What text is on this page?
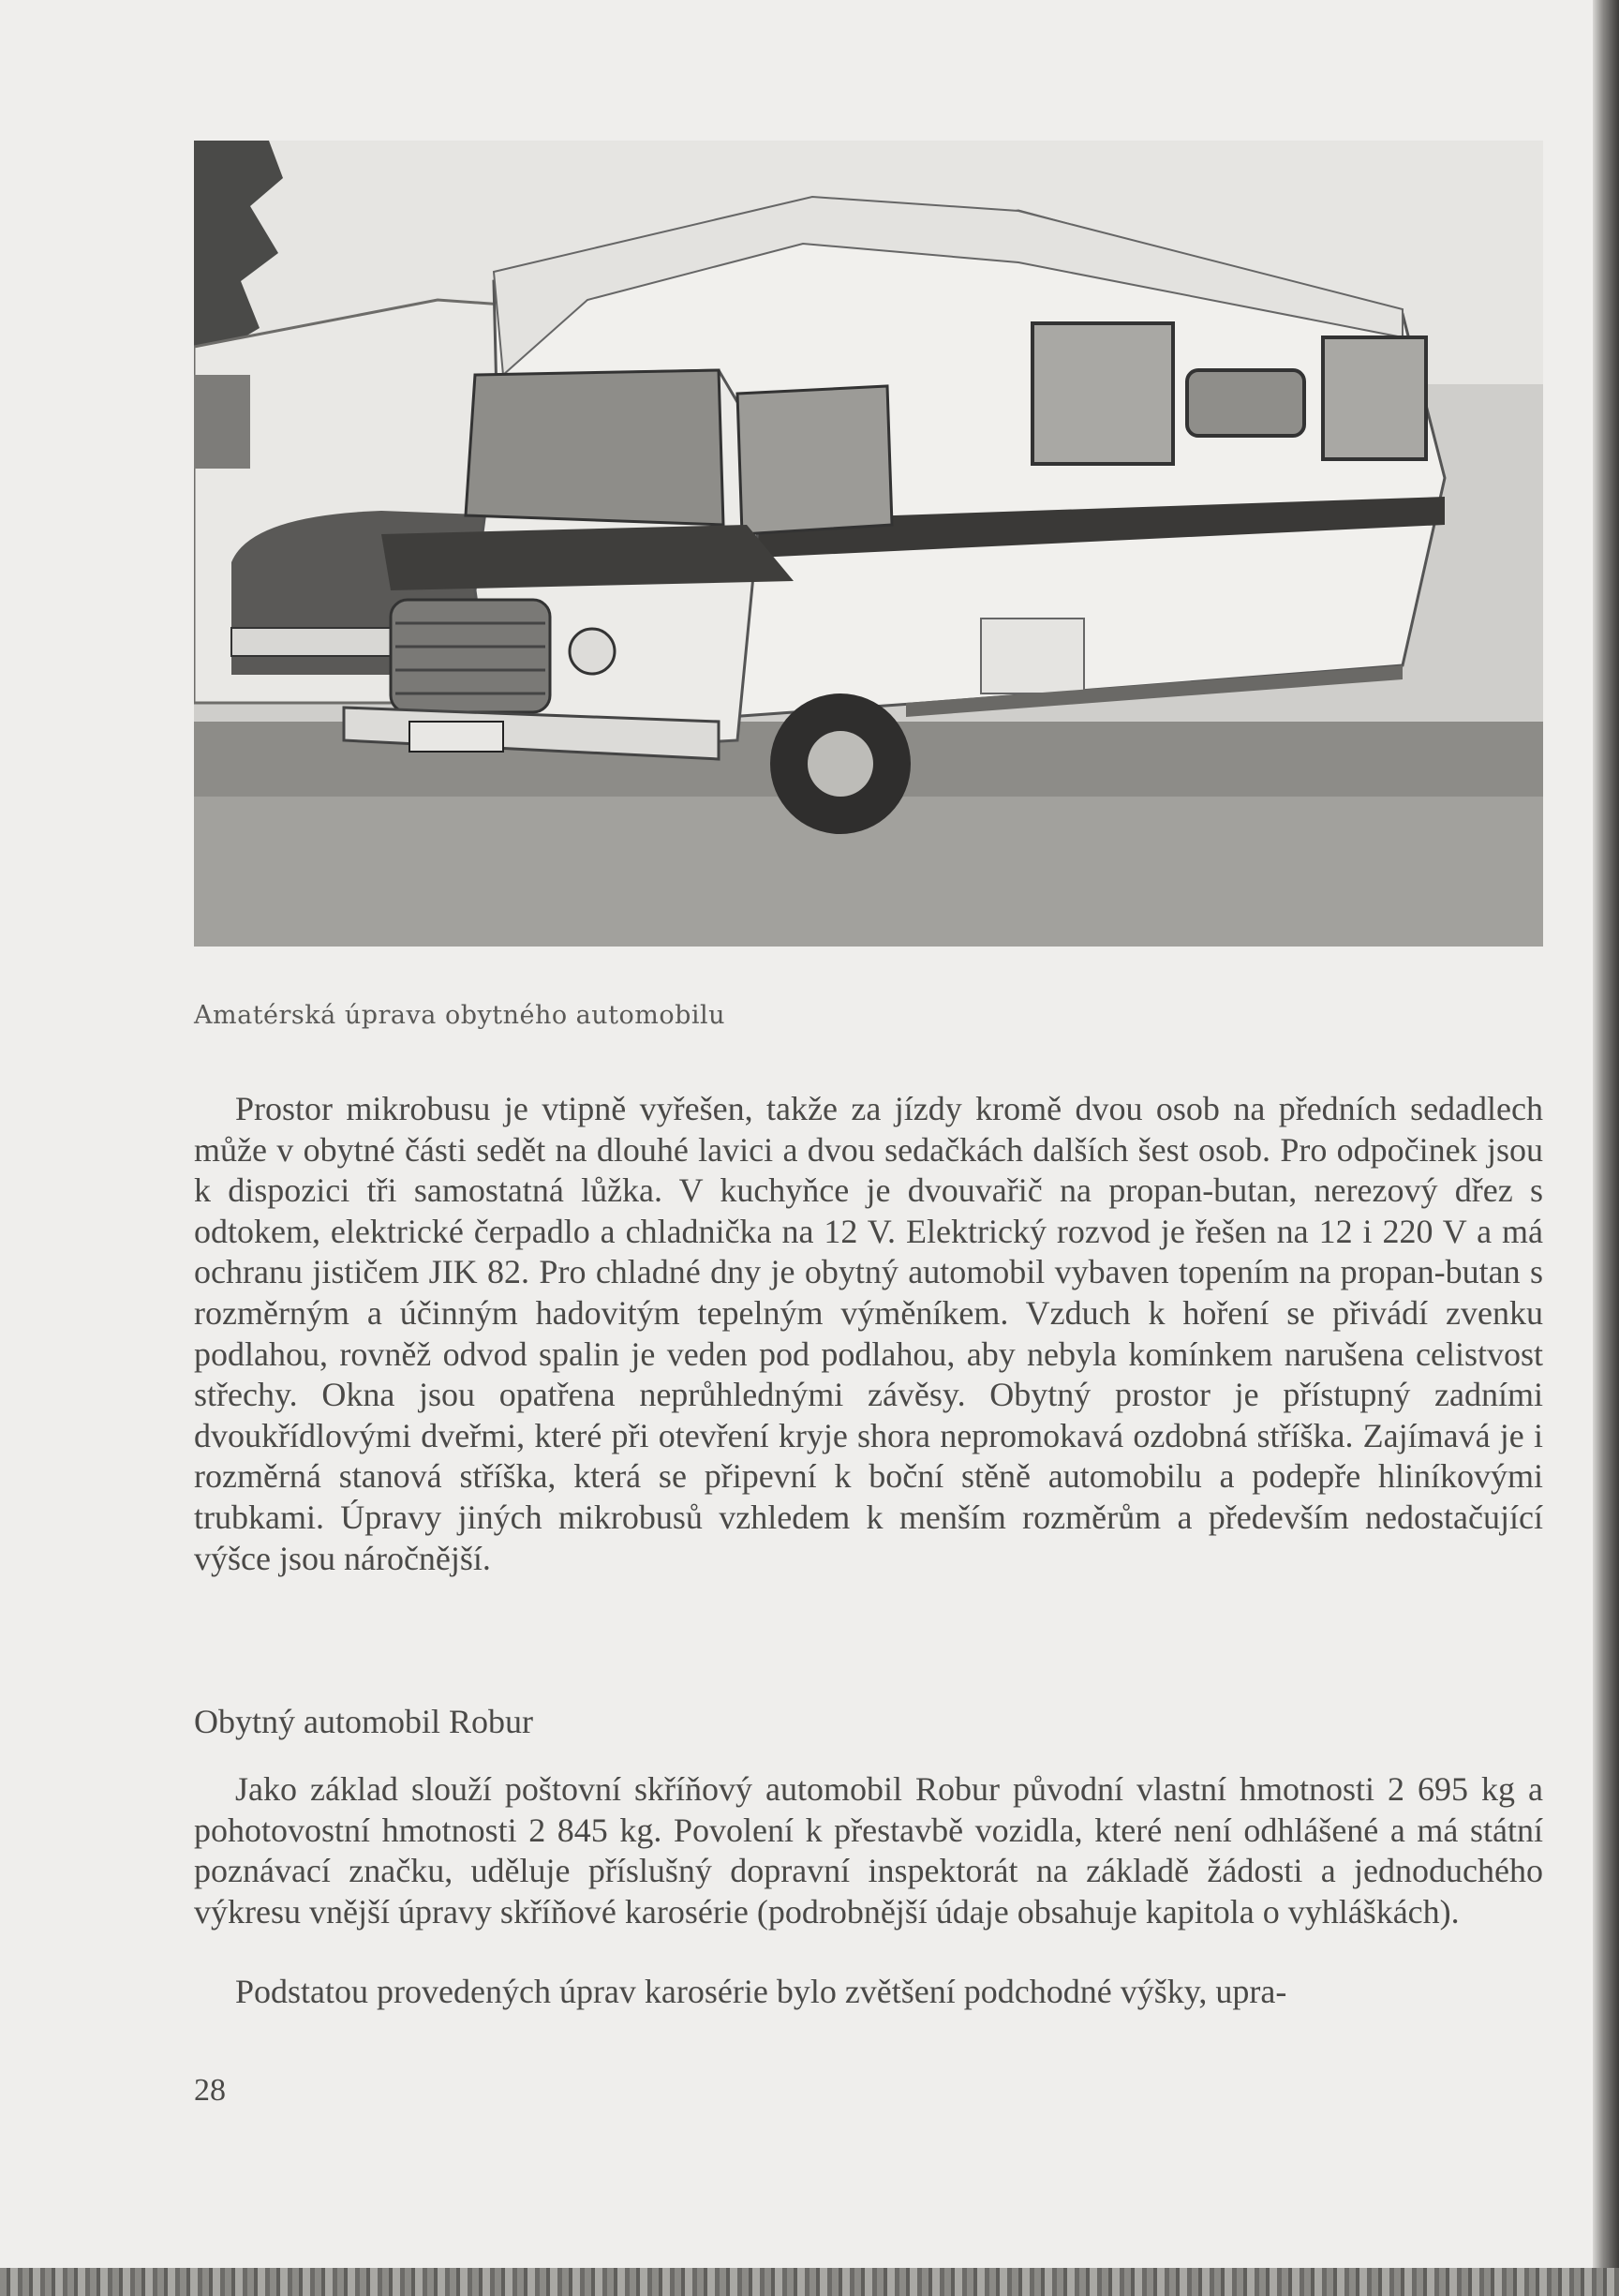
Amatérská úprava obytného automobilu

Prostor mikrobusu je vtipně vyřešen, takže za jízdy kromě dvou osob na předních sedadlech může v obytné části sedět na dlouhé lavici a dvou sedačkách dalších šest osob. Pro odpočinek jsou k dispozici tři samostatná lůžka. V kuchyňce je dvouvařič na propan-butan, nerezový dřez s odtokem, elektrické čerpadlo a chladnička na 12 V. Elektrický rozvod je řešen na 12 i 220 V a má ochranu jističem JIK 82. Pro chladné dny je obytný automobil vybaven topením na propan-butan s rozměrným a účinným hadovitým tepelným výměníkem. Vzduch k hoření se přivádí zvenku podlahou, rovněž odvod spalin je veden pod podlahou, aby nebyla komínkem narušena celistvost střechy. Okna jsou opatřena neprůhlednými závěsy. Obytný prostor je přístupný zadními dvoukřídlovými dveřmi, které při otevření kryje shora nepromokavá ozdobná stříška. Zajímavá je i rozměrná stanová stříška, která se připevní k boční stěně automobilu a podepře hliníkovými trubkami. Úpravy jiných mikrobusů vzhledem k menším rozměrům a především nedostačující výšce jsou náročnější.

Obytný automobil Robur

Jako základ slouží poštovní skříňový automobil Robur původní vlastní hmotnosti 2 695 kg a pohotovostní hmotnosti 2 845 kg. Povolení k přestavbě vozidla, které není odhlášené a má státní poznávací značku, uděluje příslušný dopravní inspektorát na základě žádosti a jednoduchého výkresu vnější úpravy skříňové karosérie (podrobnější údaje obsahuje kapitola o vyhláškách).

Podstatou provedených úprav karosérie bylo zvětšení podchodné výšky, upra-

28
